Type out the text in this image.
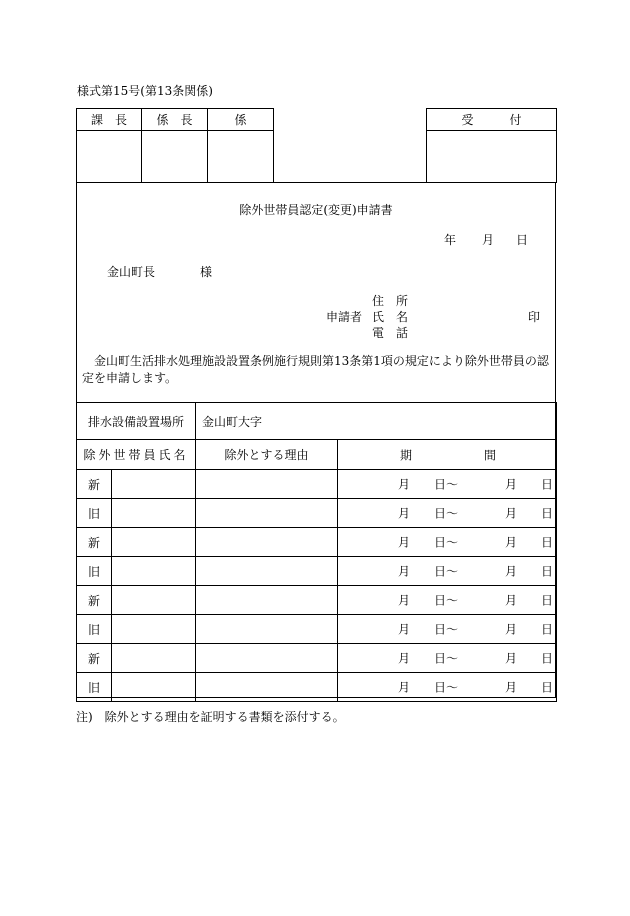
様式第15号(第13条関係)
課　長	係　長	係
			受　　　付

除外世帯員認定(変更)申請書
年 月 日
金山町長	様
申請者
住　所
氏　名
電　話
印
金山町生活排水処理施設設置条例施行規則第13条第1項の規定により除外世帯員の認定を申請します。
排水設備設置場所		金山町大字	
除外世帯員氏名		除外とする理由	期 間

新			月 日〜 月 日

旧			月 日〜 月 日

新			月 日〜 月 日

旧			月 日〜 月 日

新			月 日〜 月 日

旧			月 日〜 月 日

新			月 日〜 月 日

旧			月 日〜 月 日
注)　除外とする理由を証明する書類を添付する。
